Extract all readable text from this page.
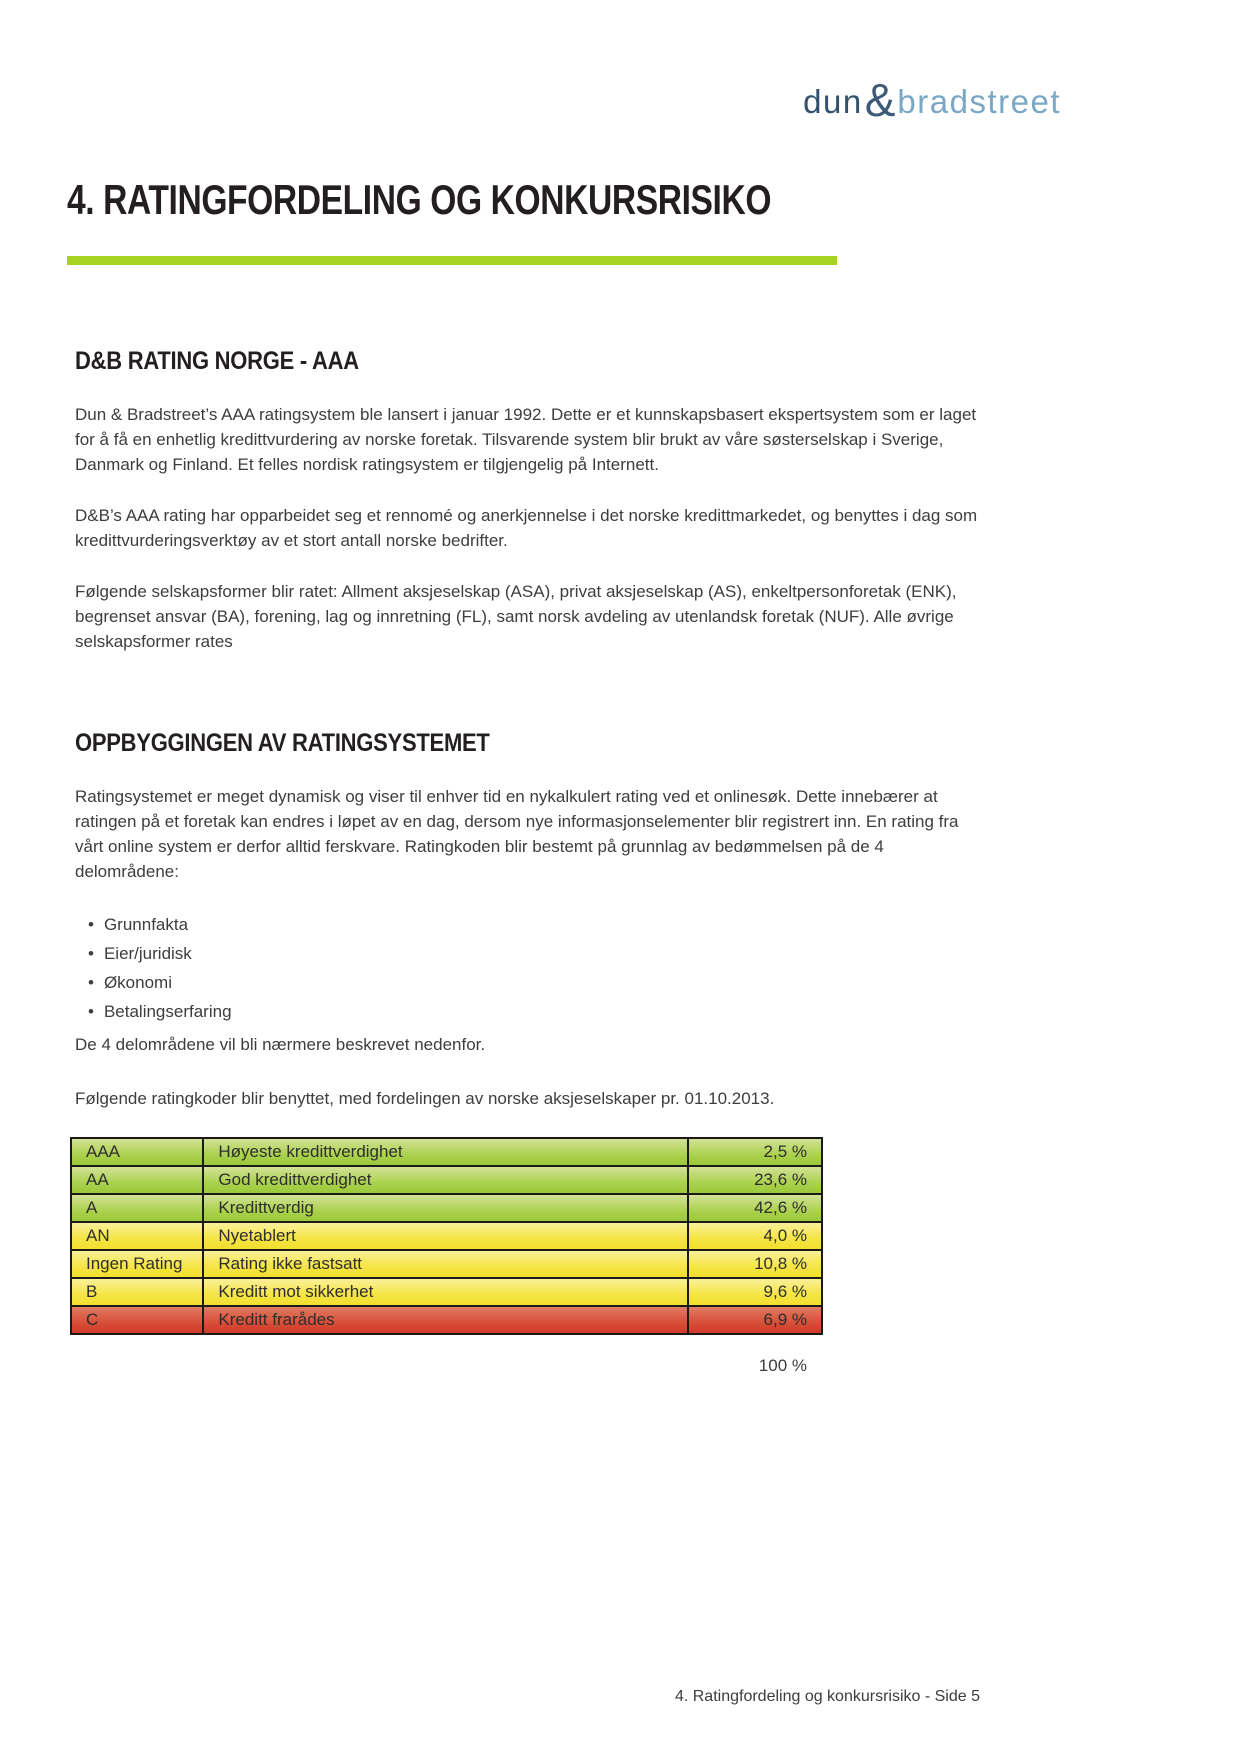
dun & bradstreet
4. RATINGFORDELING OG KONKURSRISIKO
D&B RATING NORGE - AAA
Dun & Bradstreet’s AAA ratingsystem ble lansert i januar 1992. Dette er et kunnskapsbasert ekspertsystem som er laget for å få en enhetlig kredittvurdering av norske foretak. Tilsvarende system blir brukt av våre søsterselskap i Sverige, Danmark og Finland. Et felles nordisk ratingsystem er tilgjengelig på Internett.
D&B’s AAA rating har opparbeidet seg et rennomé og anerkjennelse i det norske kredittmarkedet, og benyttes i dag som kredittvurderingsverktøy av et stort antall norske bedrifter.
Følgende selskapsformer blir ratet: Allment aksjeselskap (ASA), privat aksjeselskap (AS), enkeltpersonforetak (ENK), begrenset ansvar (BA), forening, lag og innretning (FL), samt norsk avdeling av utenlandsk foretak (NUF). Alle øvrige selskapsformer rates
OPPBYGGINGEN AV RATINGSYSTEMET
Ratingsystemet er meget dynamisk og viser til enhver tid en nykalkulert rating ved et onlinesøk. Dette innebærer at ratingen på et foretak kan endres i løpet av en dag, dersom nye informasjonselementer blir registrert inn. En rating fra vårt online system er derfor alltid ferskvare. Ratingkoden blir bestemt på grunnlag av bedømmelsen på de 4 delområdene:
• Grunnfakta
• Eier/juridisk
• Økonomi
• Betalingserfaring
De 4 delområdene vil bli nærmere beskrevet nedenfor.
Følgende ratingkoder blir benyttet, med fordelingen av norske aksjeselskaper pr. 01.10.2013.
AAA	Høyeste kredittverdighet	2,5 %
AA	God kredittverdighet	23,6 %
A	Kredittverdig	42,6 %
AN	Nyetablert	4,0 %
Ingen Rating	Rating ikke fastsatt	10,8 %
B	Kreditt mot sikkerhet	9,6 %
C	Kreditt frarådes	6,9 %
100 %
4. Ratingfordeling og konkursrisiko - Side 5
